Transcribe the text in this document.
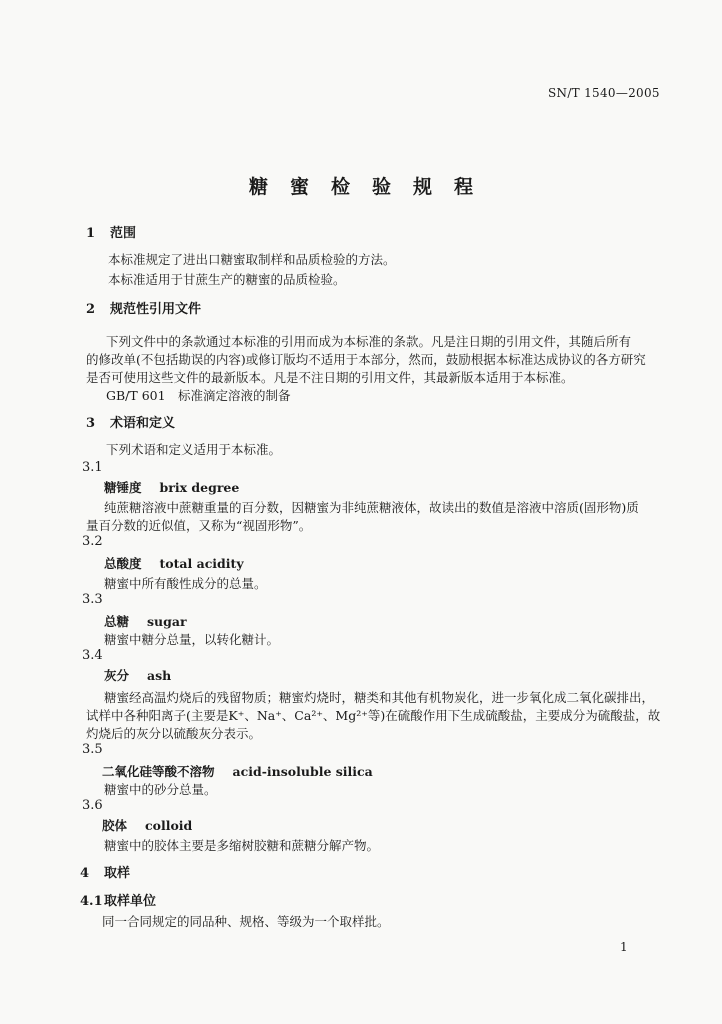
SN/T 1540—2005
糖蜜检验规程
1 范围
本标准规定了进出口糖蜜取制样和品质检验的方法。
本标准适用于甘蔗生产的糖蜜的品质检验。
2 规范性引用文件
下列文件中的条款通过本标准的引用而成为本标准的条款。凡是注日期的引用文件，其随后所有
的修改单(不包括勘误的内容)或修订版均不适用于本部分，然而，鼓励根据本标准达成协议的各方研究
是否可使用这些文件的最新版本。凡是不注日期的引用文件，其最新版本适用于本标准。
GB/T 601　标准滴定溶液的制备
3 术语和定义
下列术语和定义适用于本标准。
3.1
糖锤度 brix degree
纯蔗糖溶液中蔗糖重量的百分数，因糖蜜为非纯蔗糖液体，故读出的数值是溶液中溶质(固形物)质
量百分数的近似值，又称为“视固形物”。
3.2
总酸度 total acidity
糖蜜中所有酸性成分的总量。
3.3
总糖 sugar
糖蜜中糖分总量，以转化糖计。
3.4
灰分 ash
糖蜜经高温灼烧后的残留物质；糖蜜灼烧时，糖类和其他有机物炭化，进一步氧化成二氧化碳排出，
试样中各种阳离子(主要是K⁺、Na⁺、Ca²⁺、Mg²⁺等)在硫酸作用下生成硫酸盐，主要成分为硫酸盐，故
灼烧后的灰分以硫酸灰分表示。
3.5
二氧化硅等酸不溶物 acid-insoluble silica
糖蜜中的砂分总量。
3.6
胶体 colloid
糖蜜中的胶体主要是多缩树胶糖和蔗糖分解产物。
4 取样
4.1取样单位
同一合同规定的同品种、规格、等级为一个取样批。
1
